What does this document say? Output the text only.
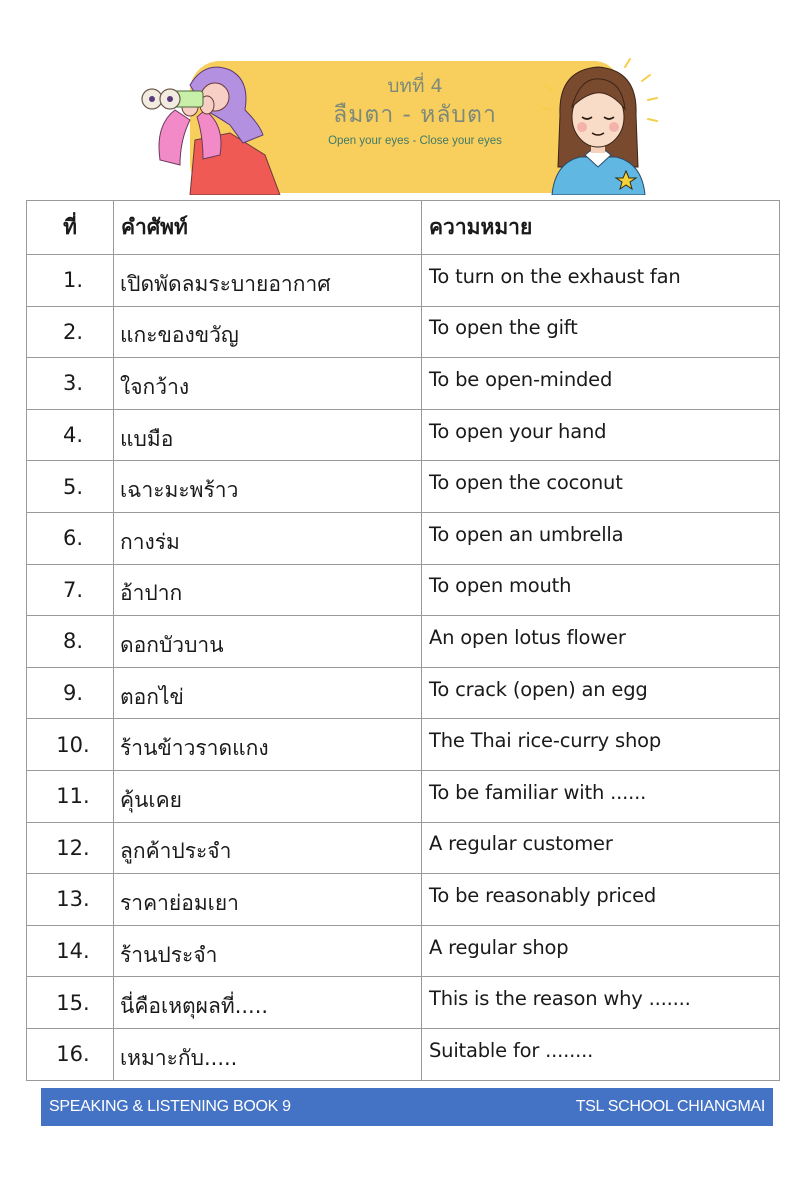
บทที่ 4
ลืมตา - หลับตา
Open your eyes - Close your eyes
ที่	คำศัพท์	ความหมาย
1.	เปิดพัดลมระบายอากาศ	To turn on the exhaust fan
2.	แกะของขวัญ	To open the gift
3.	ใจกว้าง	To be open-minded
4.	แบมือ	To open your hand
5.	เฉาะมะพร้าว	To open the coconut
6.	กางร่ม	To open an umbrella
7.	อ้าปาก	To open mouth
8.	ดอกบัวบาน	An open lotus flower
9.	ตอกไข่	To crack (open) an egg
10.	ร้านข้าวราดแกง	The Thai rice-curry shop
11.	คุ้นเคย	To be familiar with ......
12.	ลูกค้าประจำ	A regular customer
13.	ราคาย่อมเยา	To be reasonably priced
14.	ร้านประจำ	A regular shop
15.	นี่คือเหตุผลที่.....	This is the reason why .......
16.	เหมาะกับ.....	Suitable for ........
SPEAKING & LISTENING BOOK 9	TSL SCHOOL CHIANGMAI
